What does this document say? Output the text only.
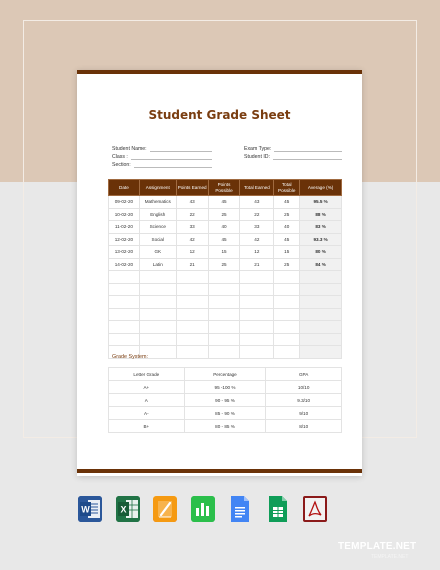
Student Grade Sheet
Student Name:
Class :
Section:
Exam Type:
Student ID:
Date	Assignment	Points Earned	Points Possible	Total Earned	Total Possible	Average (%)
09-02-20	Mathematics	43	45	43	45	95.5 %
10-02-20	English	22	25	22	25	88 %
11-02-20	Science	33	40	33	40	83 %
12-02-20	Social	42	45	42	45	93.3 %
13-02-20	GK	12	15	12	15	80 %
14-02-20	Latin	21	25	21	25	84 %

Grade System:
Letter Grade	Percentage	GPA
A+	95 -100 %	10/10
A	90 - 95 %	9.3/10
A-	85 - 90 %	9/10
B+	80 - 85 %	8/10
W	X
TEMPLATE.NET
TEMPLATE.NET
